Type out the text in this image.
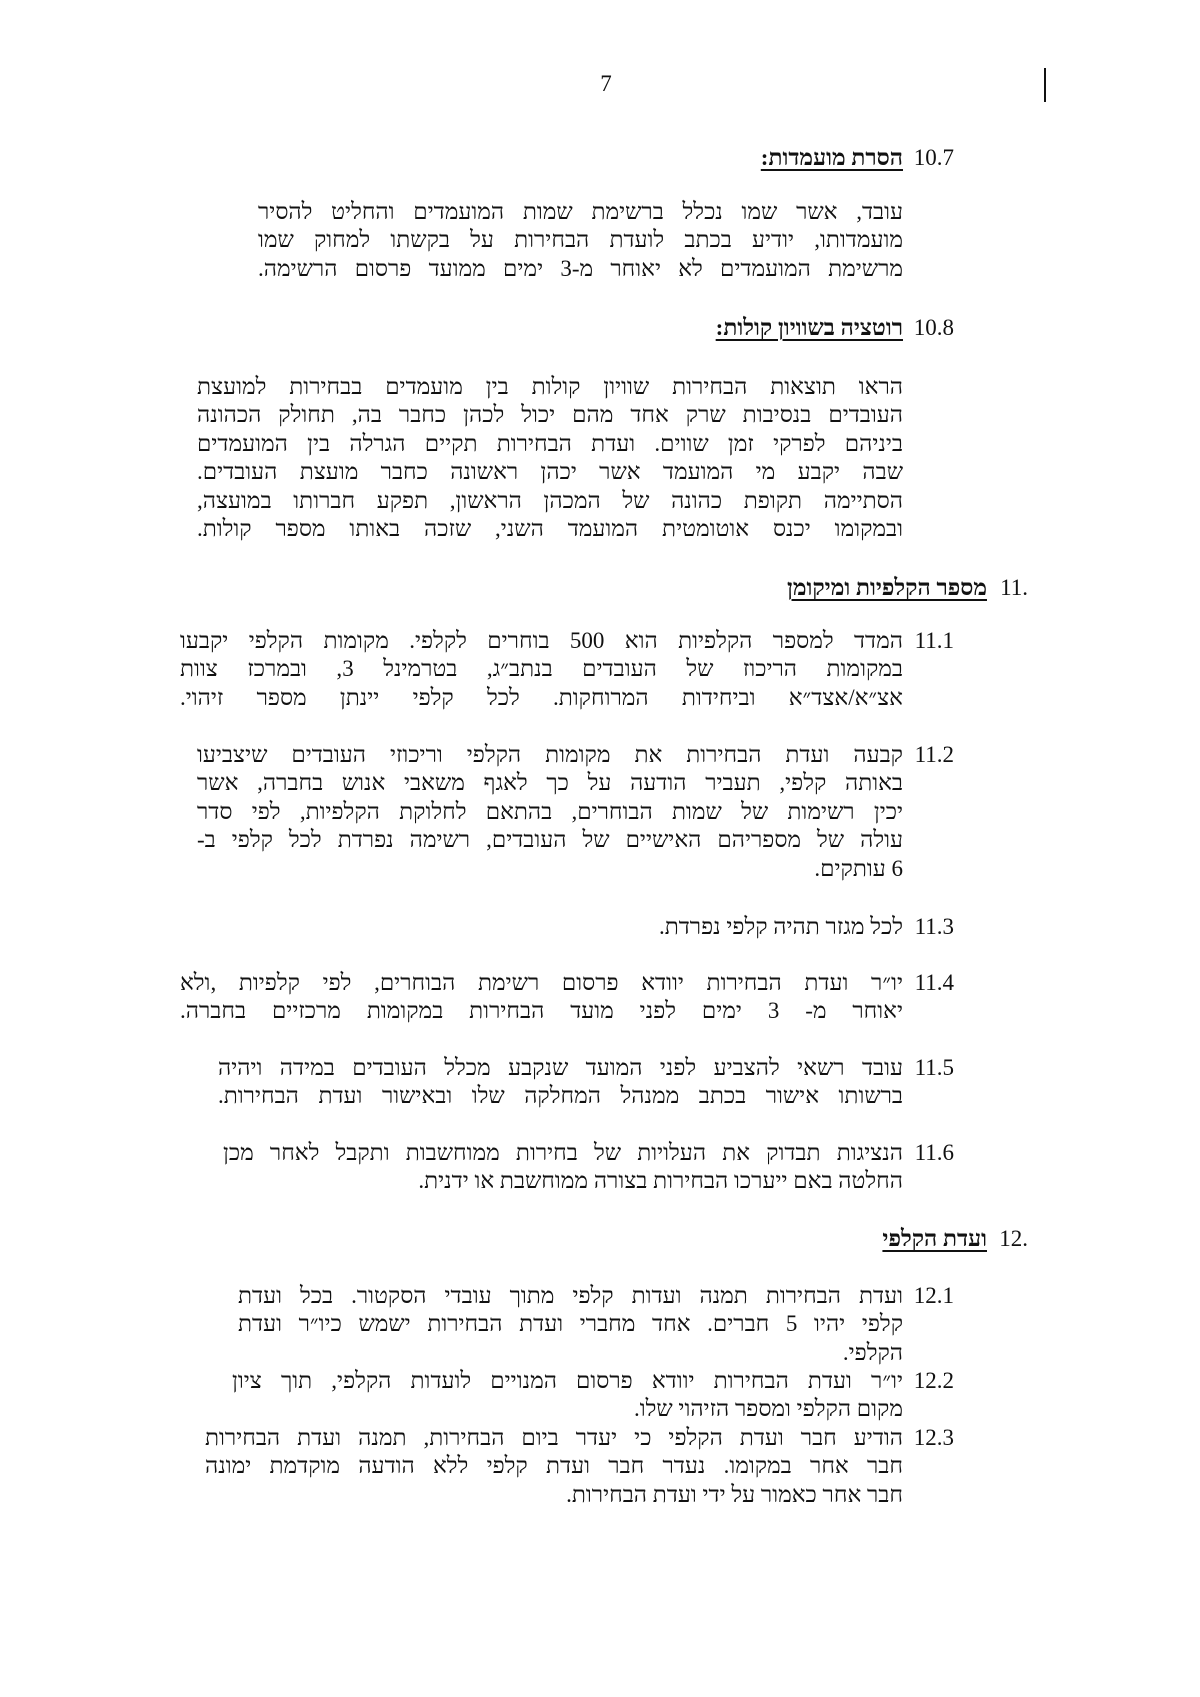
7
10.7
הסרת מועמדות:
עובד, אשר שמו נכלל ברשימת שמות המועמדים והחליט להסיר
מועמדותו, יודיע בכתב לועדת הבחירות על בקשתו למחוק שמו
מרשימת המועמדים לא יאוחר מ-3 ימים ממועד פרסום הרשימה.
10.8
רוטציה בשוויון קולות:
הראו תוצאות הבחירות שוויון קולות בין מועמדים בבחירות למועצת
העובדים בנסיבות שרק אחד מהם יכול לכהן כחבר בה, תחולק הכהונה
ביניהם לפרקי זמן שווים. ועדת הבחירות תקיים הגרלה בין המועמדים
שבה יקבע מי המועמד אשר יכהן ראשונה כחבר מועצת העובדים.
הסתיימה תקופת כהונה של המכהן הראשון, תפקע חברותו במועצה,
ובמקומו יכנס אוטומטית המועמד השני, שזכה באותו מספר קולות.
11.
מספר הקלפיות ומיקומן
11.1
המדד למספר הקלפיות הוא 500 בוחרים לקלפי. מקומות הקלפי יקבעו
במקומות הריכוז של העובדים בנתב״ג, בטרמינל 3, ובמרכז צוות
אצ״א/אצד״א וביחידות המרוחקות. לכל קלפי יינתן מספר זיהוי.
11.2
קבעה ועדת הבחירות את מקומות הקלפי וריכוזי העובדים שיצביעו
באותה קלפי, תעביר הודעה על כך לאגף משאבי אנוש בחברה, אשר
יכין רשימות של שמות הבוחרים, בהתאם לחלוקת הקלפיות, לפי סדר
עולה של מספריהם האישיים של העובדים, רשימה נפרדת לכל קלפי ב-
6 עותקים.
11.3
לכל מגזר תהיה קלפי נפרדת.
11.4
יו״ר ועדת הבחירות יוודא פרסום רשימת הבוחרים, לפי קלפיות ,ולא
יאוחר מ- 3 ימים לפני מועד הבחירות במקומות מרכזיים בחברה.
11.5
עובד רשאי להצביע לפני המועד שנקבע מכלל העובדים במידה ויהיה
ברשותו אישור בכתב ממנהל המחלקה שלו ובאישור ועדת הבחירות.
11.6
הנציגות תבדוק את העלויות של בחירות ממוחשבות ותקבל לאחר מכן
החלטה באם ייערכו הבחירות בצורה ממוחשבת או ידנית.
12.
ועדת הקלפי
12.1
ועדת הבחירות תמנה ועדות קלפי מתוך עובדי הסקטור. בכל ועדת
קלפי יהיו 5 חברים. אחד מחברי ועדת הבחירות ישמש כיו״ר ועדת
הקלפי.
12.2
יו״ר ועדת הבחירות יוודא פרסום המנויים לועדות הקלפי, תוך ציון
מקום הקלפי ומספר הזיהוי שלו.
12.3
הודיע חבר ועדת הקלפי כי יעדר ביום הבחירות, תמנה ועדת הבחירות
חבר אחר במקומו. נעדר חבר ועדת קלפי ללא הודעה מוקדמת ימונה
חבר אחר כאמור על ידי ועדת הבחירות.
